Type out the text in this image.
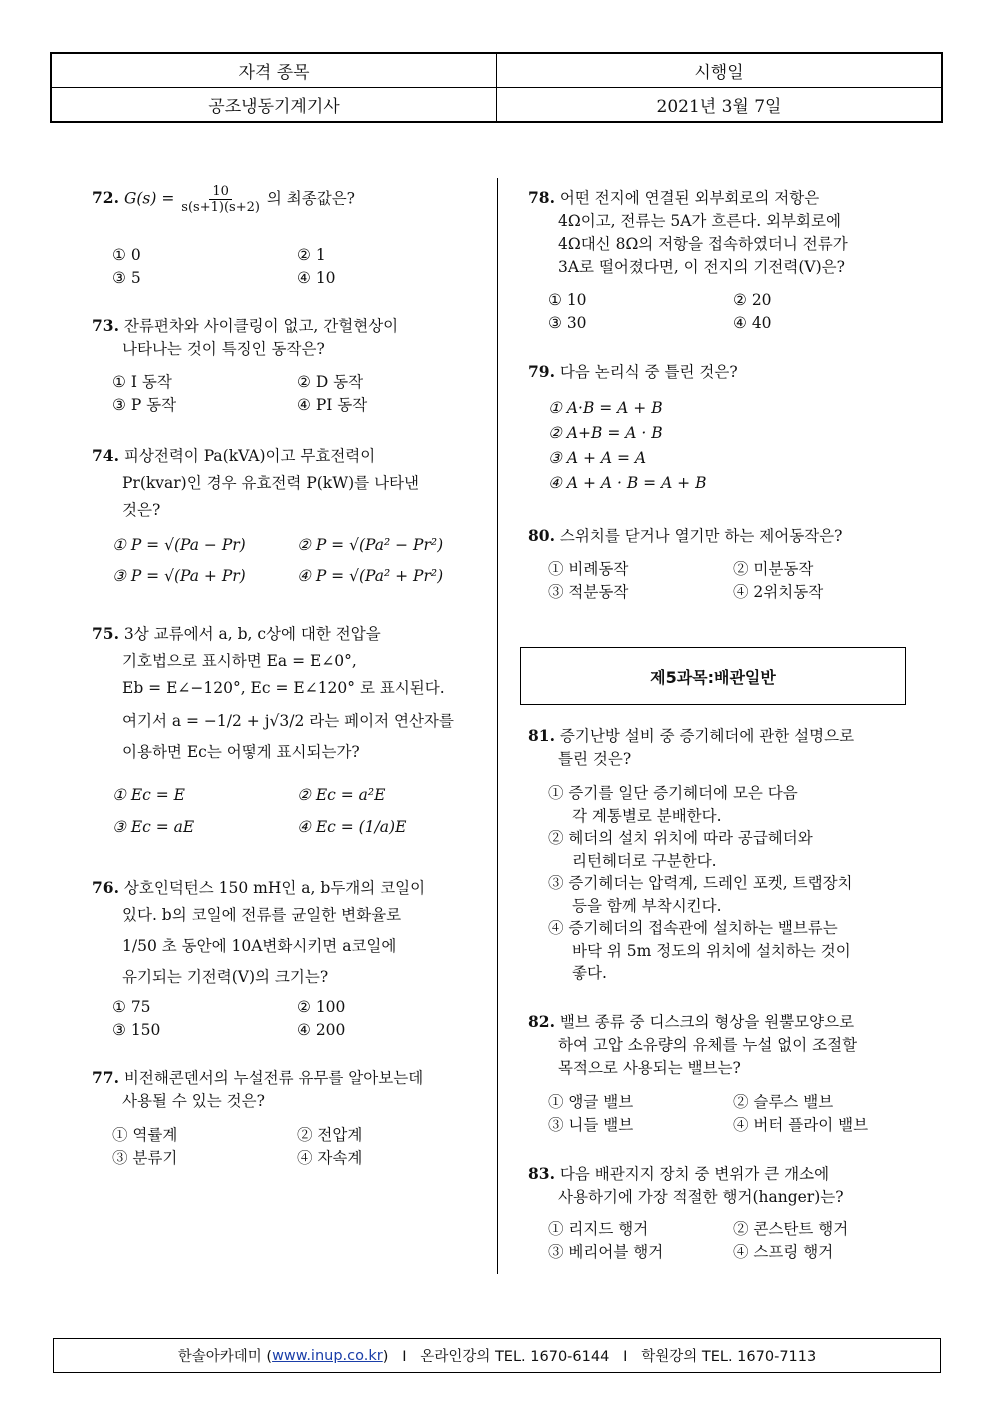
자격 종목	시행일
공조냉동기계기사	2021년 3월 7일
72. $G(s) = \frac{10}{s(s+1)(s+2)}$ 의 최종값은?
① 0	② 1
③ 5	④ 10
73. 잔류편차와 사이클링이 없고, 간헐현상이
나타나는 것이 특징인 동작은?
① I 동작	② D 동작
③ P 동작	④ PI 동작
74. 피상전력이 Pa(kVA)이고 무효전력이
Pr(kvar)인 경우 유효전력 P(kW)를 나타낸
것은?
① P = √(Pa − Pr)	② P = √(Pa² − Pr²)
③ P = √(Pa + Pr)	④ P = √(Pa² + Pr²)
75. 3상 교류에서 a, b, c상에 대한 전압을
기호법으로 표시하면 Ea = E∠0°,
Eb = E∠−120°, Ec = E∠120° 로 표시된다.
여기서 a = −1/2 + j√3/2 라는 페이저 연산자를
이용하면 Ec는 어떻게 표시되는가?
① Ec = E	② Ec = a²E
③ Ec = aE	④ Ec = (1/a)E
76. 상호인덕턴스 150 mH인 a, b두개의 코일이
있다. b의 코일에 전류를 균일한 변화율로
1/50 초 동안에 10A변화시키면 a코일에
유기되는 기전력(V)의 크기는?
① 75	② 100
③ 150	④ 200
77. 비전해콘덴서의 누설전류 유무를 알아보는데
사용될 수 있는 것은?
① 역률계	② 전압계
③ 분류기	④ 자속계
78. 어떤 전지에 연결된 외부회로의 저항은
4Ω이고, 전류는 5A가 흐른다. 외부회로에
4Ω대신 8Ω의 저항을 접속하였더니 전류가
3A로 떨어졌다면, 이 전지의 기전력(V)은?
① 10	② 20
③ 30	④ 40
79. 다음 논리식 중 틀린 것은?
① A·B = A + B
② A+B = A · B
③ A + A = A
④ A + A · B = A + B
80. 스위치를 닫거나 열기만 하는 제어동작은?
① 비례동작	② 미분동작
③ 적분동작	④ 2위치동작
81. 증기난방 설비 중 증기헤더에 관한 설명으로
틀린 것은?
① 증기를 일단 증기헤더에 모은 다음
각 계통별로 분배한다.
② 헤더의 설치 위치에 따라 공급헤더와
리턴헤더로 구분한다.
③ 증기헤더는 압력계, 드레인 포켓, 트랩장치
등을 함께 부착시킨다.
④ 증기헤더의 접속관에 설치하는 밸브류는
바닥 위 5m 정도의 위치에 설치하는 것이
좋다.
82. 밸브 종류 중 디스크의 형상을 원뿔모양으로
하여 고압 소유량의 유체를 누설 없이 조절할
목적으로 사용되는 밸브는?
① 앵글 밸브	② 슬루스 밸브
③ 니들 밸브	④ 버터 플라이 밸브
83. 다음 배관지지 장치 중 변위가 큰 개소에
사용하기에 가장 적절한 행거(hanger)는?
① 리지드 행거	② 콘스탄트 행거
③ 베리어블 행거	④ 스프링 행거
제5과목:배관일반
한솔아카데미 ( www.inup.co.kr )   I   온라인강의 TEL. 1670-6144   I   학원강의 TEL. 1670-7113
